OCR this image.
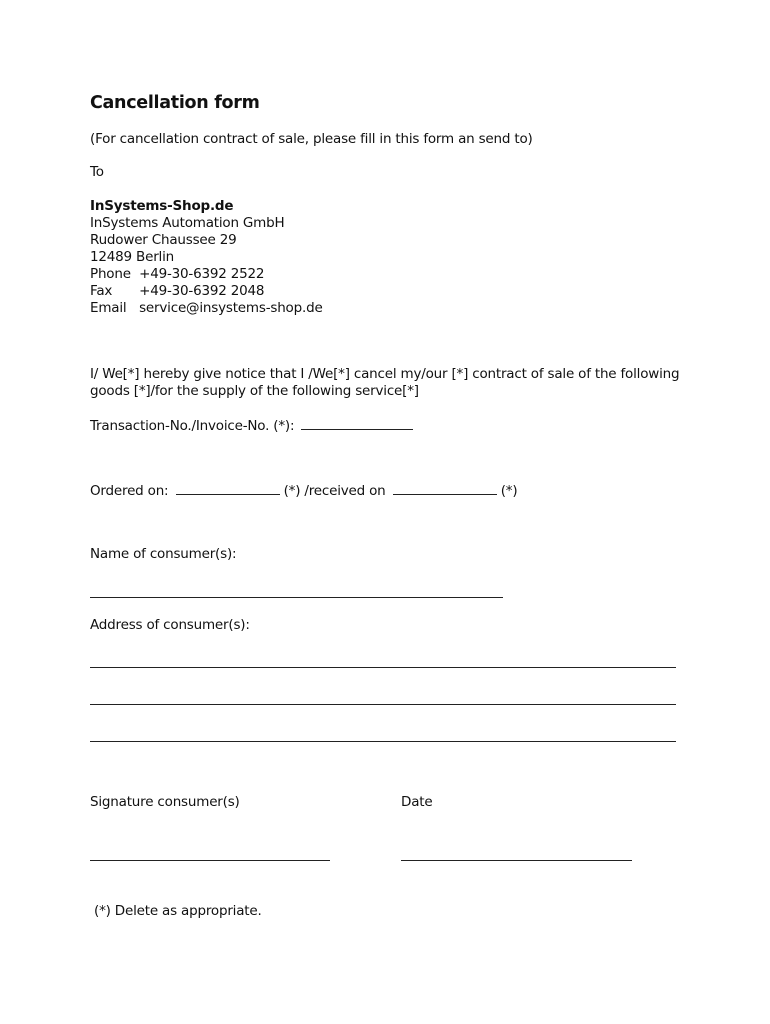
Cancellation form
(For cancellation contract of sale, please fill in this form an send to)
To
InSystems-Shop.de
InSystems Automation GmbH
Rudower Chaussee 29
12489 Berlin
Phone +49-30-6392 2522
Fax +49-30-6392 2048
Email service@insystems-shop.de
I/ We[*] hereby give notice that I /We[*] cancel my/our [*] contract of sale of the following
goods [*]/for the supply of the following service[*]
Transaction-No./Invoice-No. (*):
Ordered on:	(*) /received on	(*)
Name of consumer(s):
Address of consumer(s):
Signature consumer(s)	Date
(*) Delete as appropriate.
